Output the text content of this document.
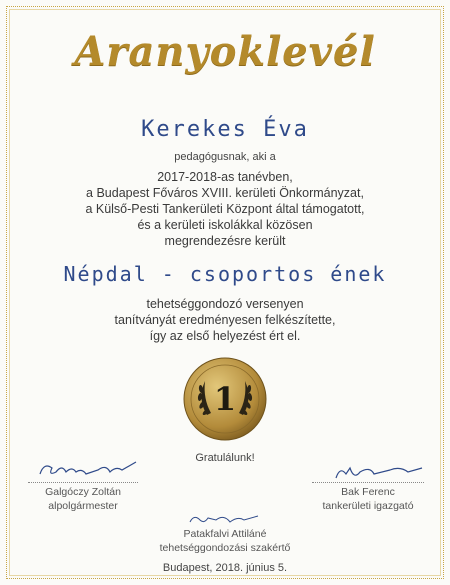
Aranyoklevél
Kerekes Éva
pedagógusnak, aki a
2017-2018-as tanévben,
a Budapest Főváros XVIII. kerületi Önkormányzat,
a Külső-Pesti Tankerületi Központ által támogatott,
és a kerületi iskolákkal közösen
megrendezésre került
Népdal - csoportos ének
tehetséggondozó versenyen
tanítványát eredményesen felkészítette,
így az első helyezést ért el.
1
Gratulálunk!
Galgóczy Zoltán
alpolgármester
Bak Ferenc
tankerületi igazgató
Patakfalvi Attiláné
tehetséggondozási szakértő
Budapest, 2018. június 5.
